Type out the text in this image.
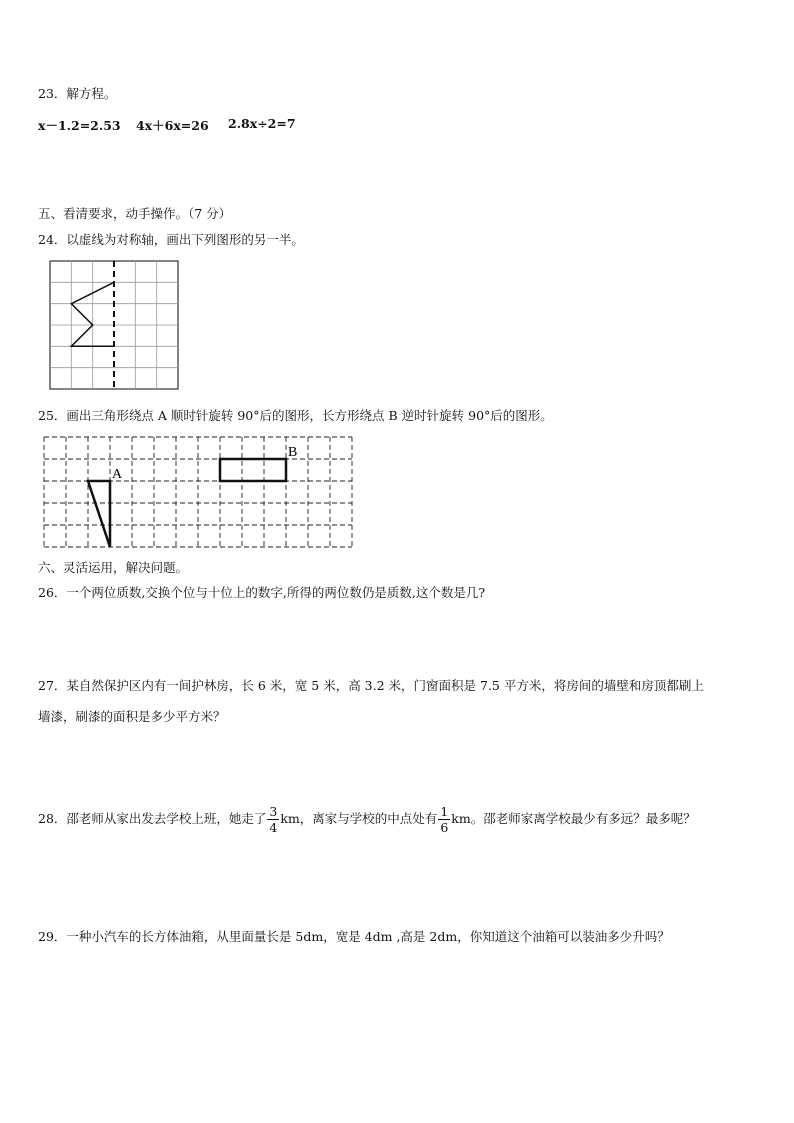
23．解方程。
x－1.2=2.53 4x＋6x=26 2.8x÷2=7
五、看清要求，动手操作。（7 分）
24．以虚线为对称轴，画出下列图形的另一半。
25．画出三角形绕点 A 顺时针旋转 90°后的图形，长方形绕点 B 逆时针旋转 90°后的图形。
A
B
六、灵活运用，解决问题。
26．一个两位质数,交换个位与十位上的数字,所得的两位数仍是质数,这个数是几?
27．某自然保护区内有一间护林房，长 6 米，宽 5 米，高 3.2 米，门窗面积是 7.5 平方米，将房间的墙壁和房顶都刷上
墙漆，刷漆的面积是多少平方米？
28．邵老师从家出发去学校上班，她走了 $\frac{3}{4}$ km，离家与学校的中点处有 $\frac{1}{6}$ km。邵老师家离学校最少有多远？最多呢？
29．一种小汽车的长方体油箱，从里面量长是 5dm，宽是 4dm ,高是 2dm，你知道这个油箱可以装油多少升吗？
